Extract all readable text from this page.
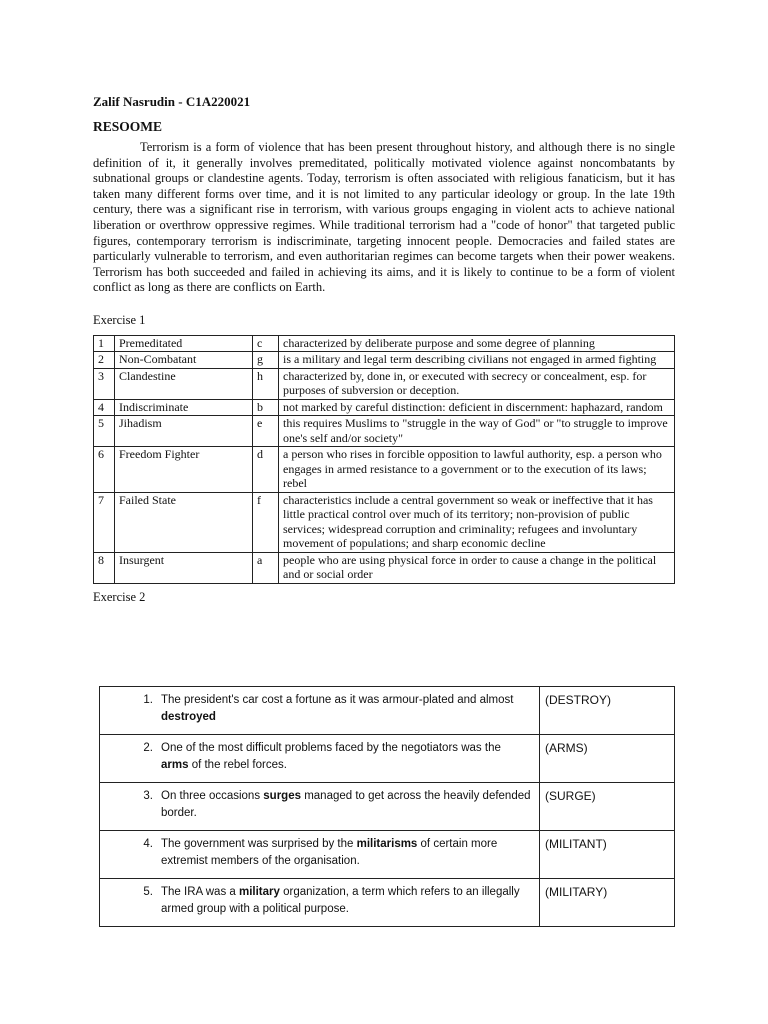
Zalif Nasrudin - C1A220021
RESOOME

Terrorism is a form of violence that has been present throughout history, and although there is no single definition of it, it generally involves premeditated, politically motivated violence against noncombatants by subnational groups or clandestine agents. Today, terrorism is often associated with religious fanaticism, but it has taken many different forms over time, and it is not limited to any particular ideology or group. In the late 19th century, there was a significant rise in terrorism, with various groups engaging in violent acts to achieve national liberation or overthrow oppressive regimes. While traditional terrorism had a "code of honor" that targeted public figures, contemporary terrorism is indiscriminate, targeting innocent people. Democracies and failed states are particularly vulnerable to terrorism, and even authoritarian regimes can become targets when their power weakens. Terrorism has both succeeded and failed in achieving its aims, and it is likely to continue to be a form of violent conflict as long as there are conflicts on Earth.

Exercise 1
1	Premeditated	c	characterized by deliberate purpose and some degree of planning
2	Non-Combatant	g	is a military and legal term describing civilians not engaged in armed fighting
3	Clandestine	h	characterized by, done in, or executed with secrecy or concealment, esp. for purposes of subversion or deception.
4	Indiscriminate	b	not marked by careful distinction: deficient in discernment: haphazard, random
5	Jihadism	e	this requires Muslims to "struggle in the way of God" or "to struggle to improve one's self and/or society"
6	Freedom Fighter	d	a person who rises in forcible opposition to lawful authority, esp. a person who engages in armed resistance to a government or to the execution of its laws; rebel
7	Failed State	f	characteristics include a central government so weak or ineffective that it has little practical control over much of its territory; non-provision of public services; widespread corruption and criminality; refugees and involuntary movement of populations; and sharp economic decline
8	Insurgent	a	people who are using physical force in order to cause a change in the political and or social order
Exercise 2
1. The president's car cost a fortune as it was armour-plated and almost destroyed	(DESTROY)

2. One of the most difficult problems faced by the negotiators was the arms of the rebel forces.	(ARMS)

3. On three occasions surges managed to get across the heavily defended border.	(SURGE)

4. The government was surprised by the militarisms of certain more extremist members of the organisation.	(MILITANT)

5. The IRA was a military organization, a term which refers to an illegally armed group with a political purpose.	(MILITARY)
